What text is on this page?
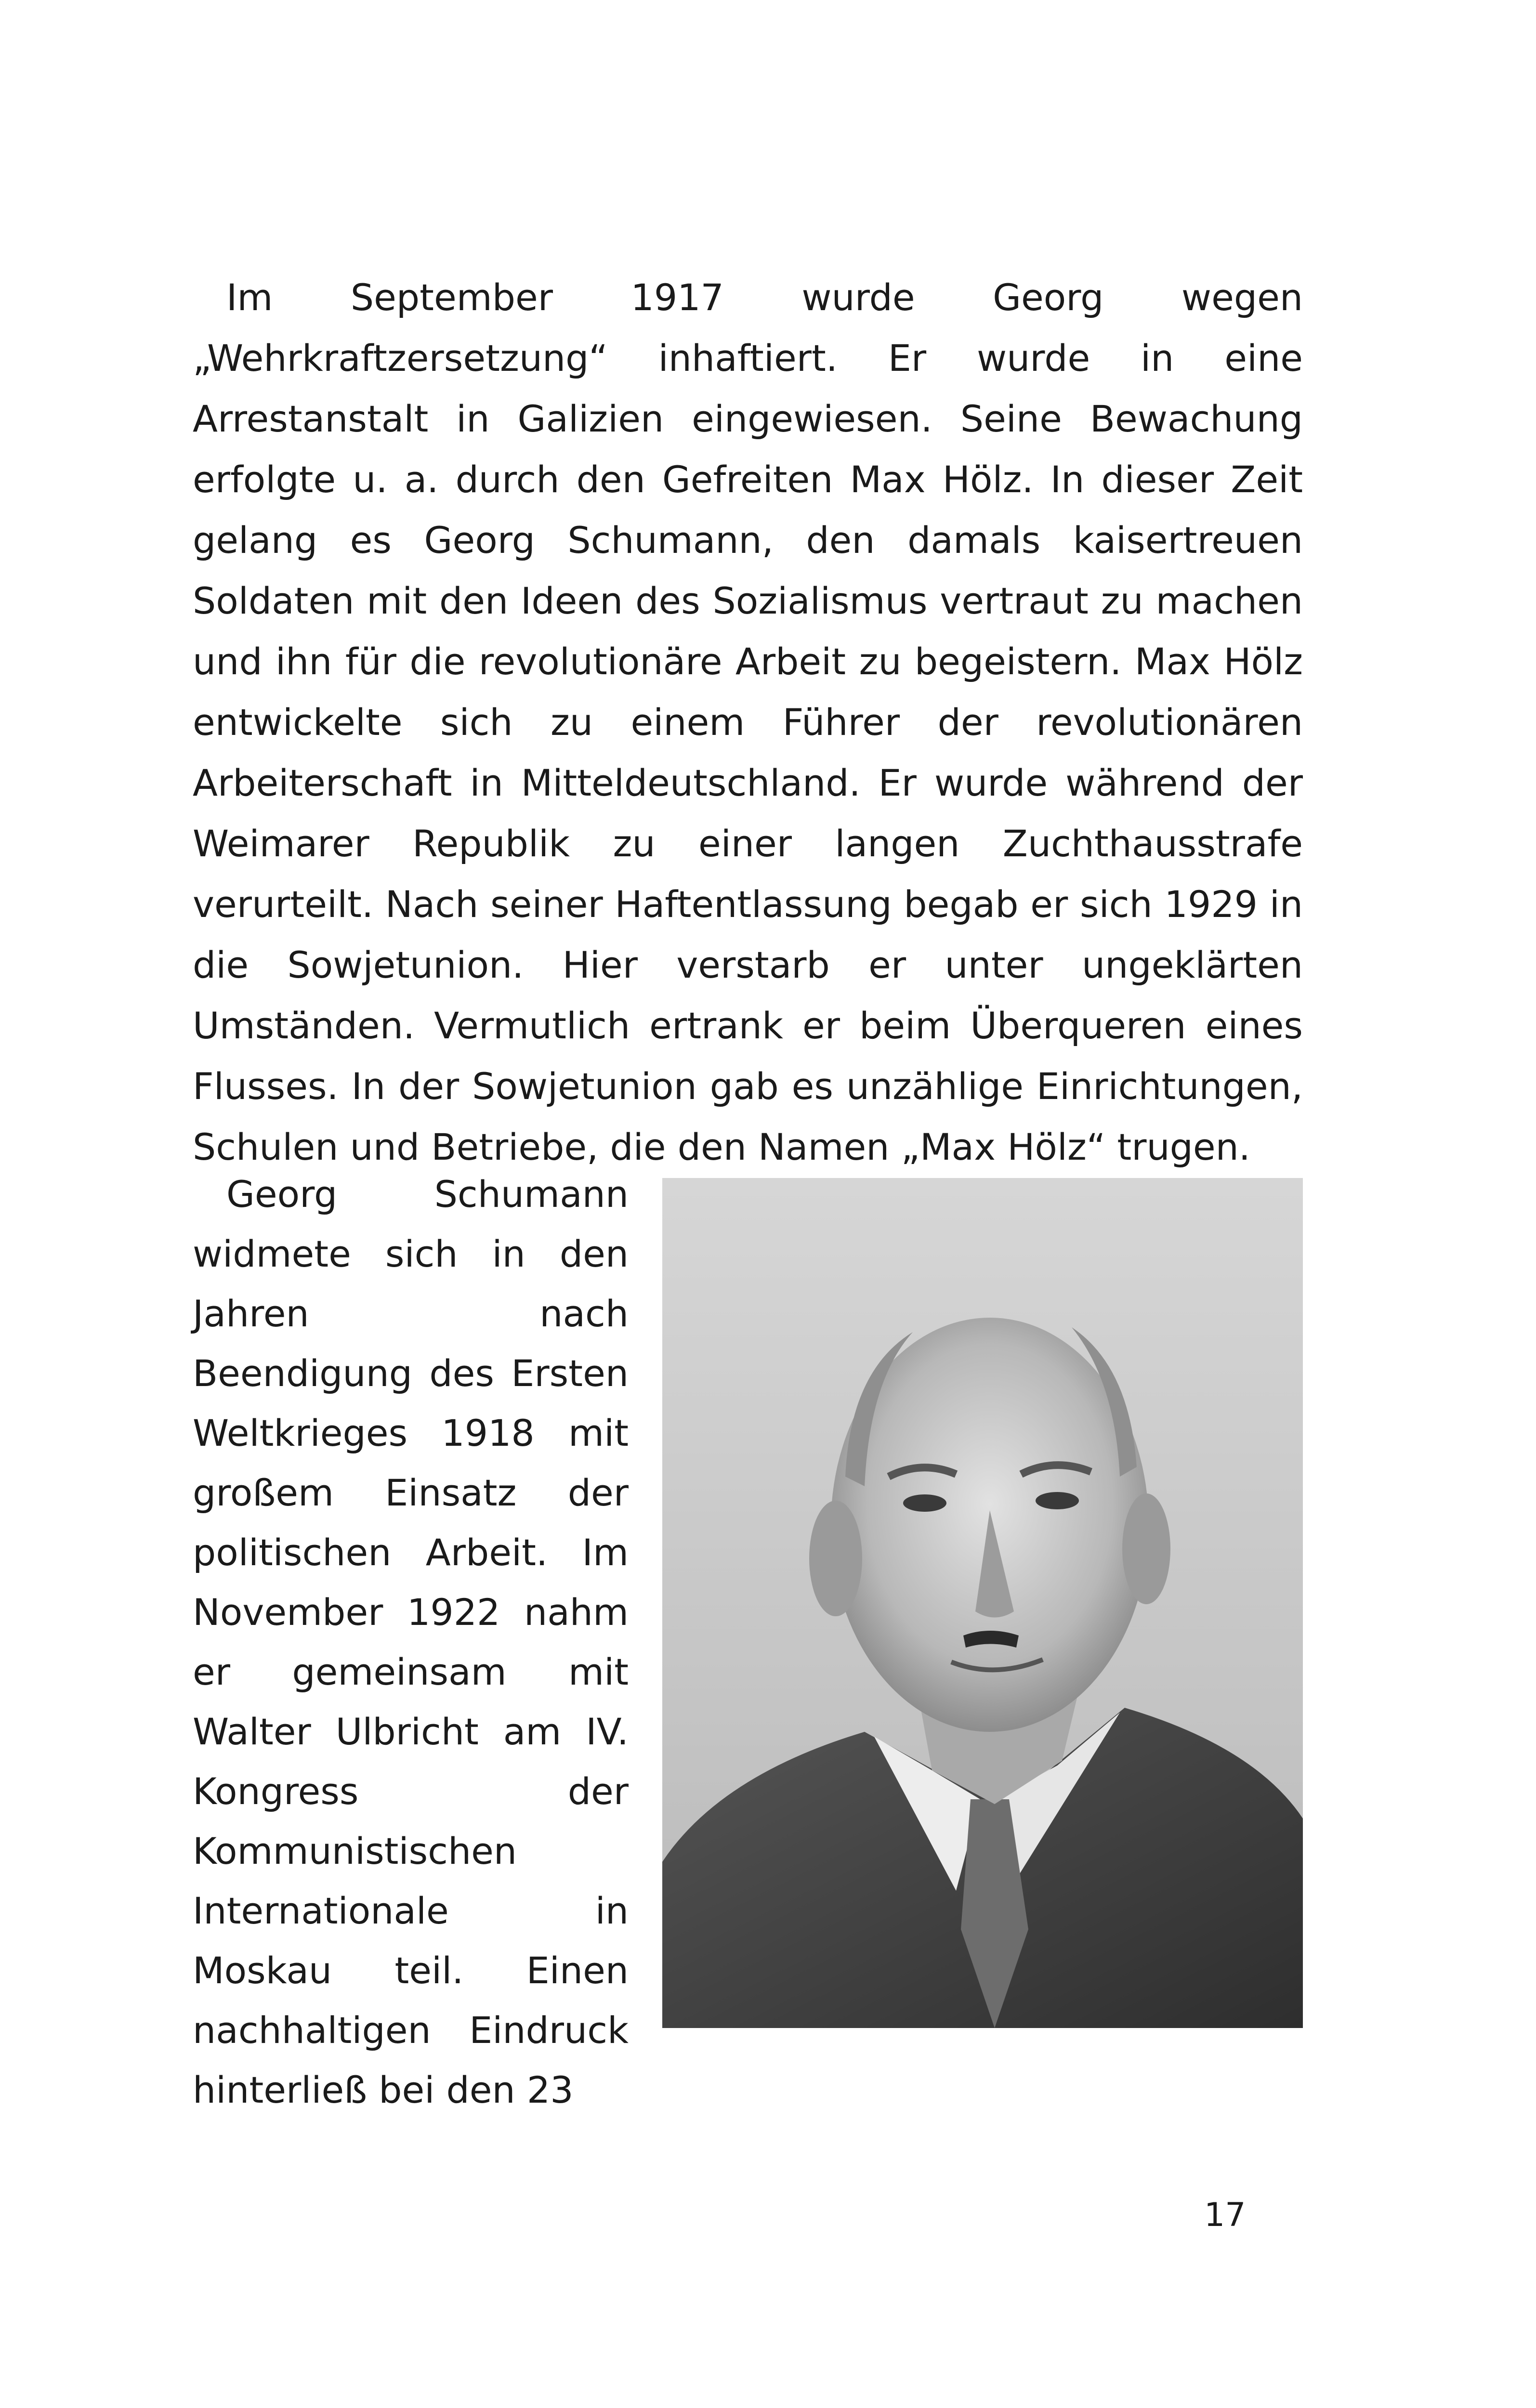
Im September 1917 wurde Georg wegen „Wehrkraftzersetzung“ inhaftiert. Er wurde in eine Arrestanstalt in Galizien eingewiesen. Seine Bewachung erfolgte u. a. durch den Gefreiten Max Hölz. In dieser Zeit gelang es Georg Schumann, den damals kaisertreuen Soldaten mit den Ideen des Sozialismus vertraut zu machen und ihn für die revolutionäre Arbeit zu begeistern. Max Hölz entwickelte sich zu einem Führer der revolutionären Arbeiterschaft in Mitteldeutschland. Er wurde während der Weimarer Republik zu einer langen Zuchthausstrafe verurteilt. Nach seiner Haftentlassung begab er sich 1929 in die Sowjetunion. Hier verstarb er unter ungeklärten Umständen. Vermutlich ertrank er beim Überqueren eines Flusses. In der Sowjetunion gab es unzählige Einrichtungen, Schulen und Betriebe, die den Namen „Max Hölz“ trugen.

Georg Schumann widmete sich in den Jahren nach Beendigung des Ersten Weltkrieges 1918 mit großem Einsatz der politischen Arbeit. Im November 1922 nahm er gemeinsam mit Walter Ulbricht am IV. Kongress der Kommunistischen Internationale in Moskau teil. Einen nachhaltigen Eindruck hinterließ bei den 23

17
